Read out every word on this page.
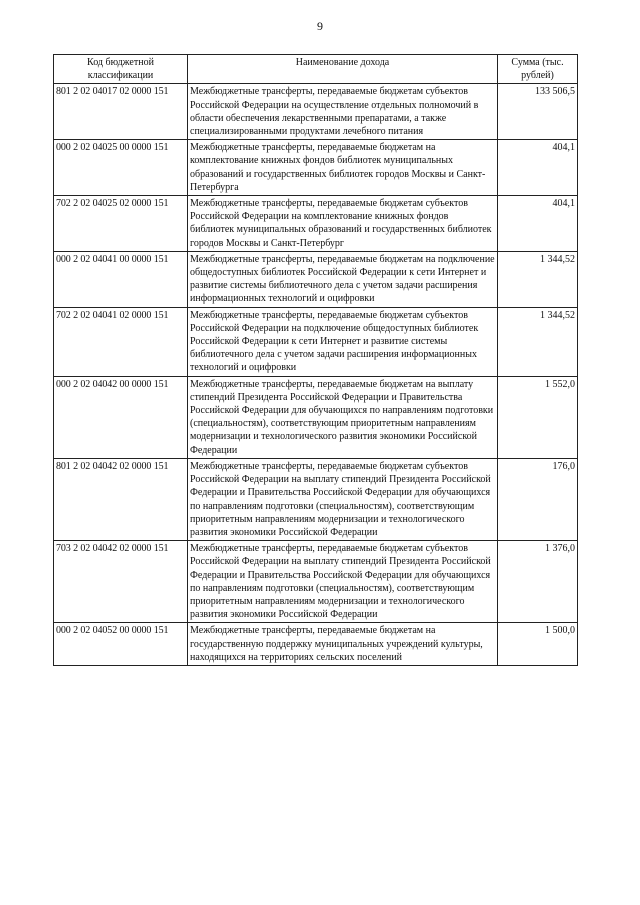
9
Код бюджетной классификации	Наименование дохода	Сумма (тыс. рублей)
801 2 02 04017 02 0000 151	Межбюджетные трансферты, передаваемые бюджетам субъектов Российской Федерации на осуществление отдельных полномочий в области обеспечения лекарственными препаратами, а также специализированными продуктами лечебного питания	133 506,5
000 2 02 04025 00 0000 151	Межбюджетные трансферты, передаваемые бюджетам на комплектование книжных фондов библиотек муниципальных образований и государственных библиотек городов Москвы и Санкт-Петербурга	404,1
702 2 02 04025 02 0000 151	Межбюджетные трансферты, передаваемые бюджетам субъектов Российской Федерации на комплектование книжных фондов библиотек муниципальных образований и государственных библиотек городов Москвы и Санкт-Петербург	404,1
000 2 02 04041 00 0000 151	Межбюджетные трансферты, передаваемые бюджетам на подключение общедоступных библиотек Российской Федерации к сети Интернет и развитие системы библиотечного дела с учетом задачи расширения информационных технологий и оцифровки	1 344,52
702 2 02 04041 02 0000 151	Межбюджетные трансферты, передаваемые бюджетам субъектов Российской Федерации на подключение общедоступных библиотек Российской Федерации к сети Интернет и развитие системы библиотечного дела с учетом задачи расширения информационных технологий и оцифровки	1 344,52
000 2 02 04042 00 0000 151	Межбюджетные трансферты, передаваемые бюджетам на выплату стипендий Президента Российской Федерации и Правительства Российской Федерации для обучающихся по направлениям подготовки (специальностям), соответствующим приоритетным направлениям модернизации и технологического развития экономики Российской Федерации	1 552,0
801 2 02 04042 02 0000 151	Межбюджетные трансферты, передаваемые бюджетам субъектов Российской Федерации на выплату стипендий Президента Российской Федерации и Правительства Российской Федерации для обучающихся по направлениям подготовки (специальностям), соответствующим приоритетным направлениям модернизации и технологического развития экономики Российской Федерации	176,0
703 2 02 04042 02 0000 151	Межбюджетные трансферты, передаваемые бюджетам субъектов Российской Федерации на выплату стипендий Президента Российской Федерации и Правительства Российской Федерации для обучающихся по направлениям подготовки (специальностям), соответствующим приоритетным направлениям модернизации и технологического развития экономики Российской Федерации	1 376,0
000 2 02 04052 00 0000 151	Межбюджетные трансферты, передаваемые бюджетам на государственную поддержку муниципальных учреждений культуры, находящихся на территориях сельских поселений	1 500,0
